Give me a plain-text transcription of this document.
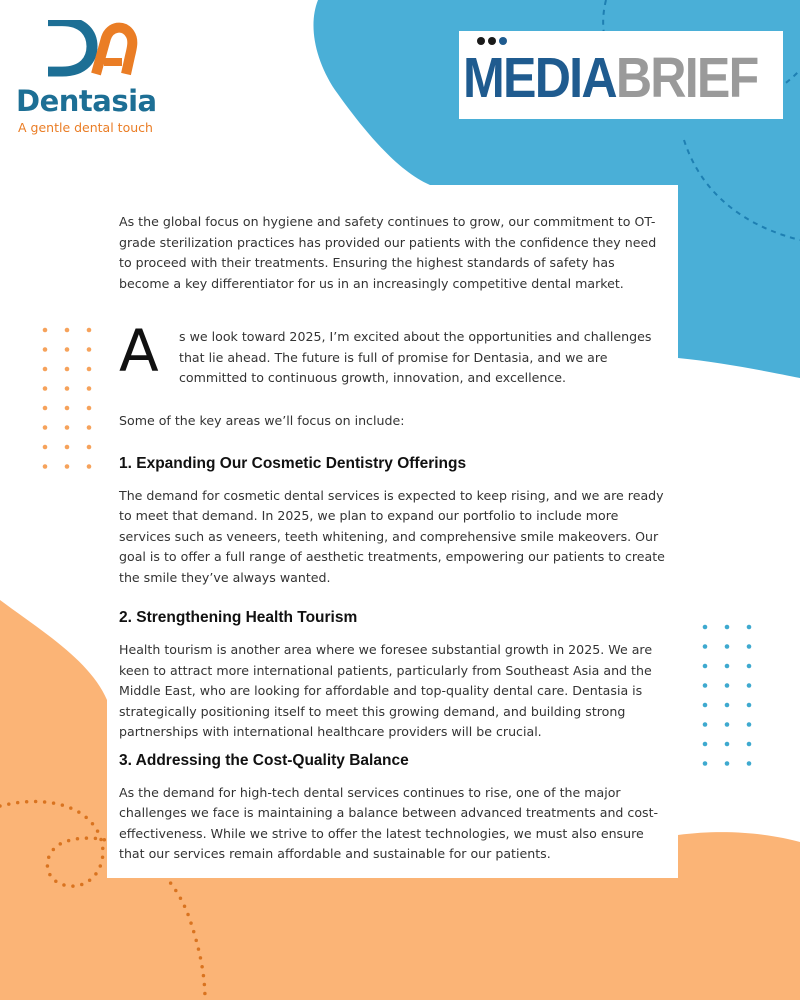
Dentasia
A gentle dental touch
MEDIABRIEF

As the global focus on hygiene and safety continues to grow, our commitment to OT-grade sterilization practices has provided our patients with the confidence they need to proceed with their treatments. Ensuring the highest standards of safety has become a key differentiator for us in an increasingly competitive dental market.

A s we look toward 2025, I’m excited about the opportunities and challenges that lie ahead. The future is full of promise for Dentasia, and we are committed to continuous growth, innovation, and excellence.

Some of the key areas we’ll focus on include:

1. Expanding Our Cosmetic Dentistry Offerings

The demand for cosmetic dental services is expected to keep rising, and we are ready to meet that demand. In 2025, we plan to expand our portfolio to include more services such as veneers, teeth whitening, and comprehensive smile makeovers. Our goal is to offer a full range of aesthetic treatments, empowering our patients to create the smile they’ve always wanted.

2. Strengthening Health Tourism

Health tourism is another area where we foresee substantial growth in 2025. We are keen to attract more international patients, particularly from Southeast Asia and the Middle East, who are looking for affordable and top-quality dental care. Dentasia is strategically positioning itself to meet this growing demand, and building strong partnerships with international healthcare providers will be crucial.

3. Addressing the Cost-Quality Balance

As the demand for high-tech dental services continues to rise, one of the major challenges we face is maintaining a balance between advanced treatments and cost-effectiveness. While we strive to offer the latest technologies, we must also ensure that our services remain affordable and sustainable for our patients.
